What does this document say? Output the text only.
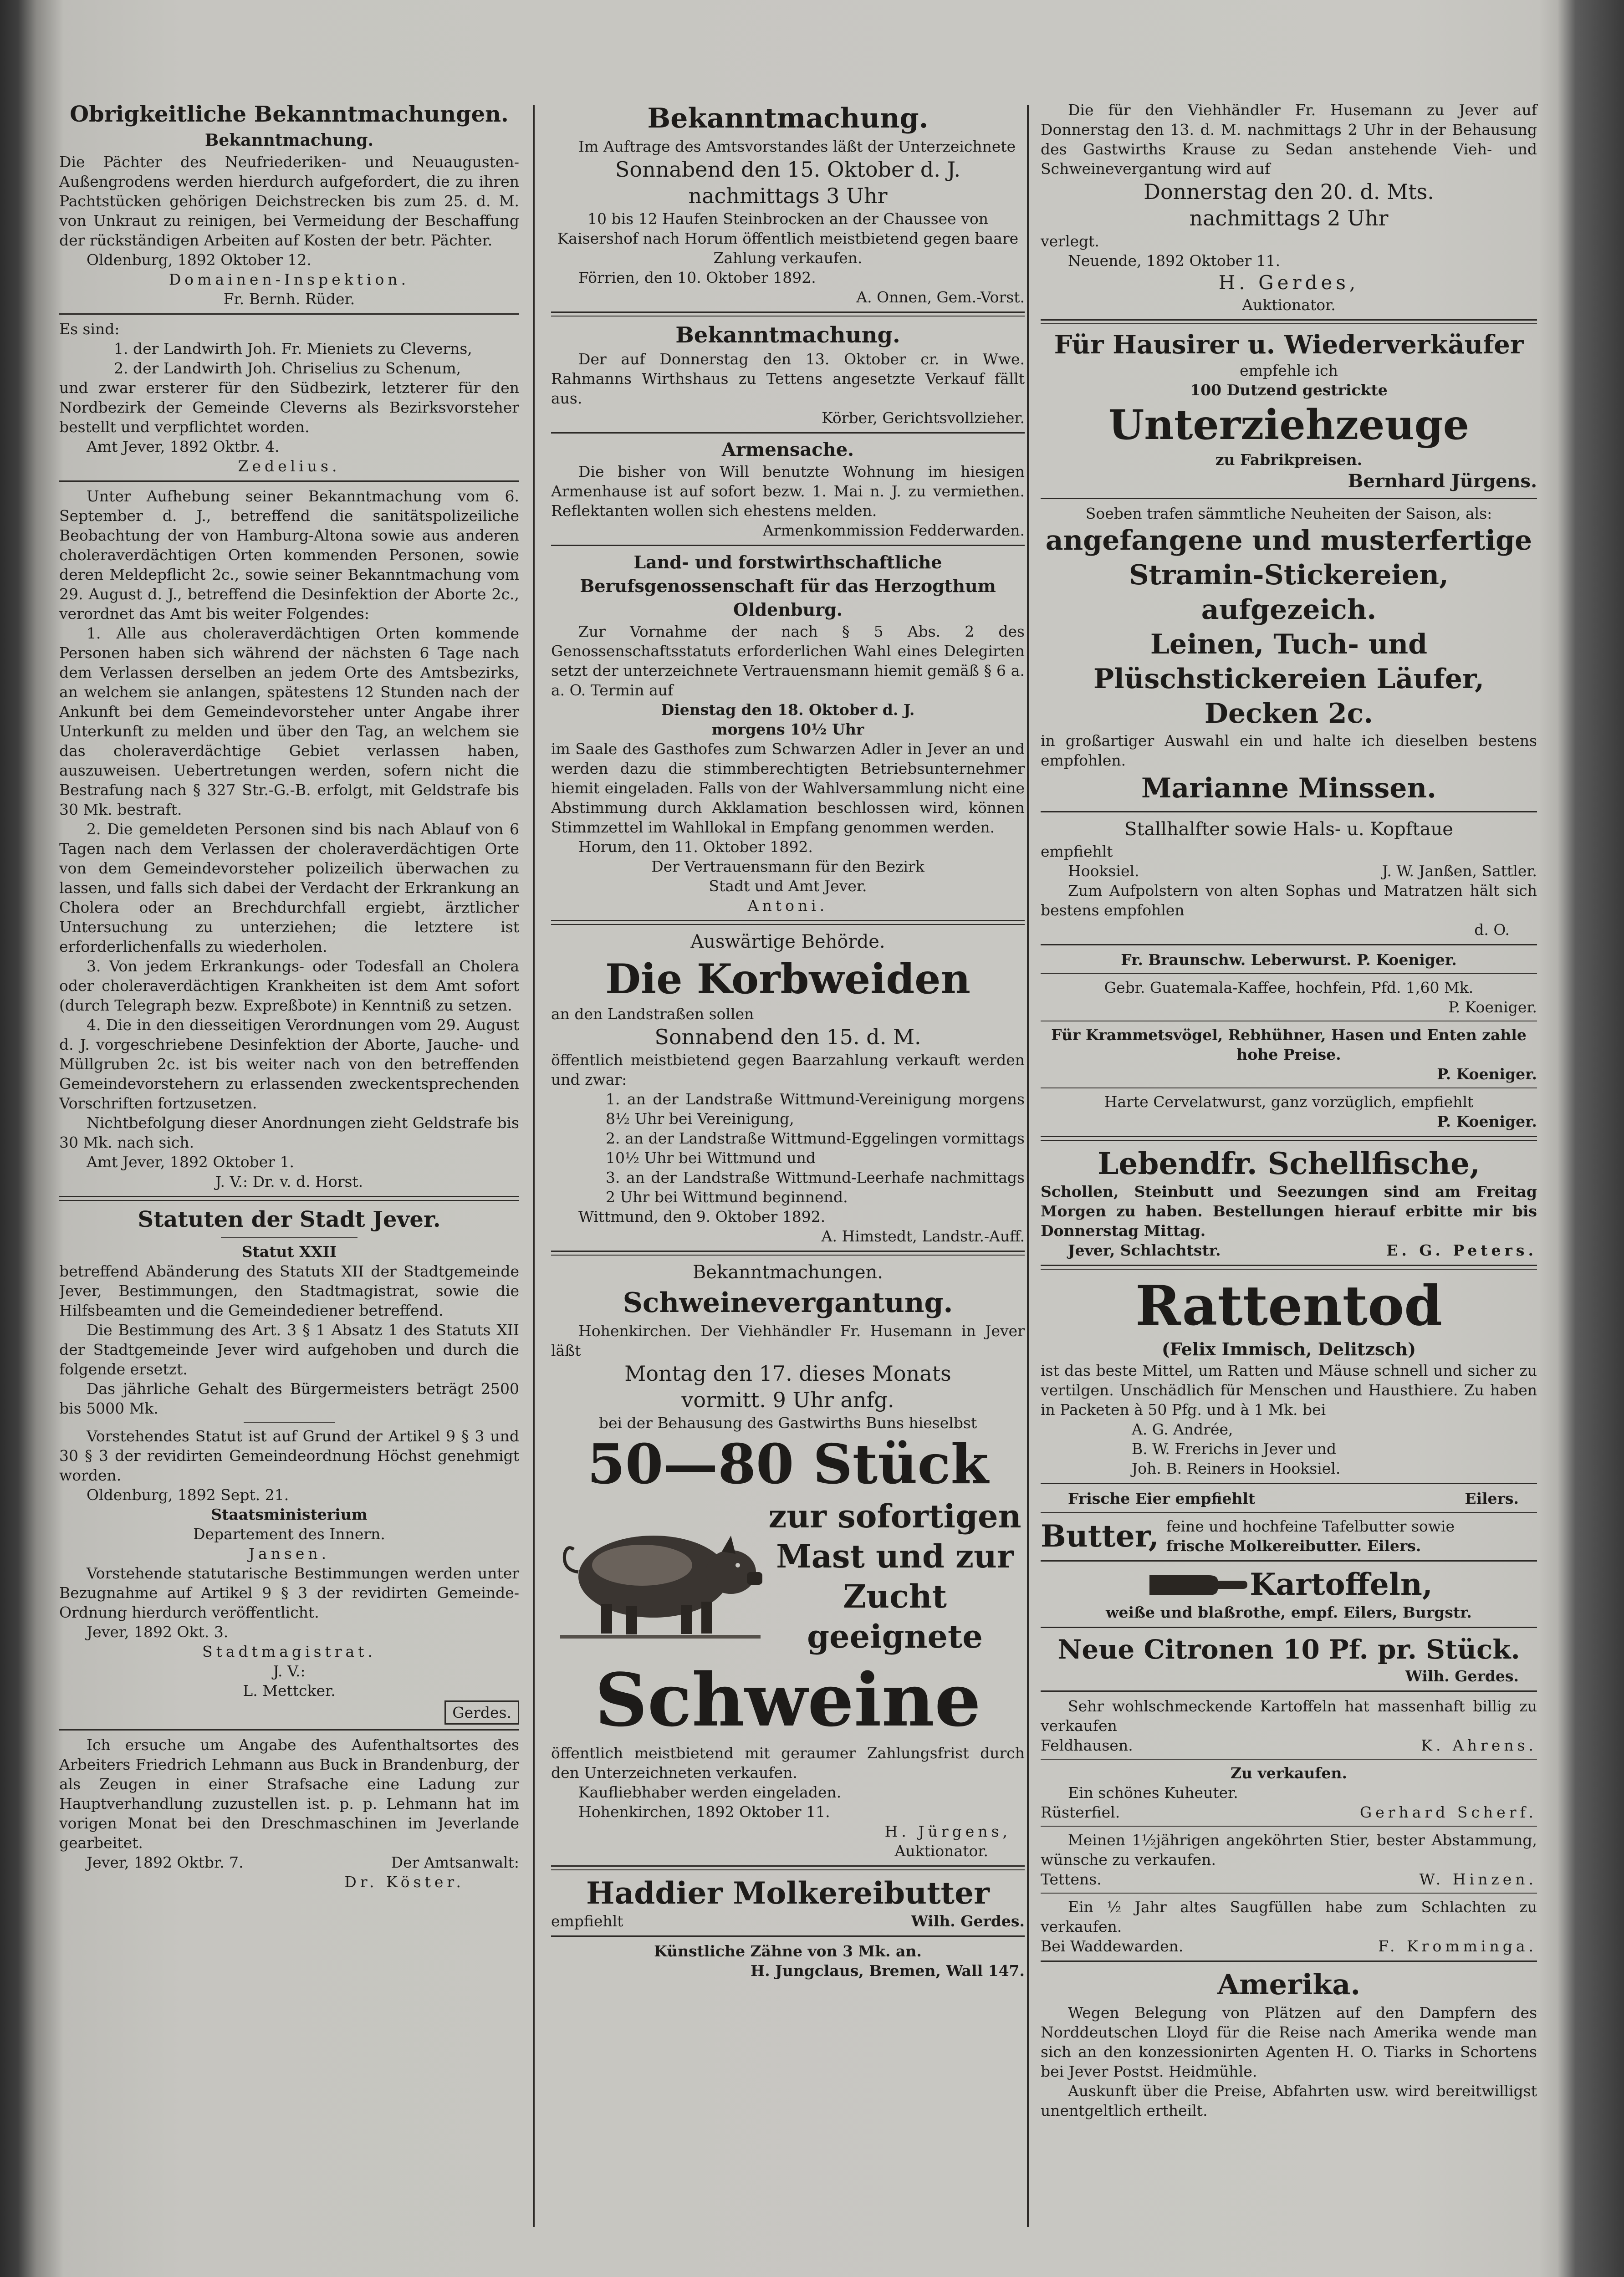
Obrigkeitliche Bekanntmachungen.

Bekanntmachung.

Die Pächter des Neufriederiken- und Neuaugusten-Außengrodens werden hierdurch aufgefordert, die zu ihren Pachtstücken gehörigen Deichstrecken bis zum 25. d. M. von Unkraut zu reinigen, bei Vermeidung der Beschaffung der rückständigen Arbeiten auf Kosten der betr. Pächter.

Oldenburg, 1892 Oktober 12.

Domainen-Inspektion.

Fr. Bernh. Rüder.

Es sind:

1. der Landwirth Joh. Fr. Mieniets zu Cleverns,

2. der Landwirth Joh. Chriselius zu Schenum,

und zwar ersterer für den Südbezirk, letzterer für den Nordbezirk der Gemeinde Cleverns als Bezirksvorsteher bestellt und verpflichtet worden.

Amt Jever, 1892 Oktbr. 4.

Zedelius.

Unter Aufhebung seiner Bekanntmachung vom 6. September d. J., betreffend die sanitätspolizeiliche Beobachtung der von Hamburg-Altona sowie aus anderen choleraverdächtigen Orten kommenden Personen, sowie deren Meldepflicht 2c., sowie seiner Bekanntmachung vom 29. August d. J., betreffend die Desinfektion der Aborte 2c., verordnet das Amt bis weiter Folgendes:

1. Alle aus choleraverdächtigen Orten kommende Personen haben sich während der nächsten 6 Tage nach dem Verlassen derselben an jedem Orte des Amtsbezirks, an welchem sie anlangen, spätestens 12 Stunden nach der Ankunft bei dem Gemeindevorsteher unter Angabe ihrer Unterkunft zu melden und über den Tag, an welchem sie das choleraverdächtige Gebiet verlassen haben, auszuweisen. Uebertretungen werden, sofern nicht die Bestrafung nach § 327 Str.-G.-B. erfolgt, mit Geldstrafe bis 30 Mk. bestraft.

2. Die gemeldeten Personen sind bis nach Ablauf von 6 Tagen nach dem Verlassen der choleraverdächtigen Orte von dem Gemeindevorsteher polizeilich überwachen zu lassen, und falls sich dabei der Verdacht der Erkrankung an Cholera oder an Brechdurchfall ergiebt, ärztlicher Untersuchung zu unterziehen; die letztere ist erforderlichenfalls zu wiederholen.

3. Von jedem Erkrankungs- oder Todesfall an Cholera oder choleraverdächtigen Krankheiten ist dem Amt sofort (durch Telegraph bezw. Expreßbote) in Kenntniß zu setzen.

4. Die in den diesseitigen Verordnungen vom 29. August d. J. vorgeschriebene Desinfektion der Aborte, Jauche- und Müllgruben 2c. ist bis weiter nach von den betreffenden Gemeindevorstehern zu erlassenden zweckentsprechenden Vorschriften fortzusetzen.

Nichtbefolgung dieser Anordnungen zieht Geldstrafe bis 30 Mk. nach sich.

Amt Jever, 1892 Oktober 1.

J. V.: Dr. v. d. Horst.

Statuten der Stadt Jever.

Statut XXII

betreffend Abänderung des Statuts XII der Stadtgemeinde Jever, Bestimmungen, den Stadtmagistrat, sowie die Hilfsbeamten und die Gemeindediener betreffend.

Die Bestimmung des Art. 3 § 1 Absatz 1 des Statuts XII der Stadtgemeinde Jever wird aufgehoben und durch die folgende ersetzt.

Das jährliche Gehalt des Bürgermeisters beträgt 2500 bis 5000 Mk.

Vorstehendes Statut ist auf Grund der Artikel 9 § 3 und 30 § 3 der revidirten Gemeindeordnung Höchst genehmigt worden.

Oldenburg, 1892 Sept. 21.

Staatsministerium

Departement des Innern.

Jansen.

Vorstehende statutarische Bestimmungen werden unter Bezugnahme auf Artikel 9 § 3 der revidirten Gemeinde-Ordnung hierdurch veröffentlicht.

Jever, 1892 Okt. 3.

Stadtmagistrat.

J. V.:

L. Mettcker.

Gerdes.

Ich ersuche um Angabe des Aufenthaltsortes des Arbeiters Friedrich Lehmann aus Buck in Brandenburg, der als Zeugen in einer Strafsache eine Ladung zur Hauptverhandlung zuzustellen ist. p. p. Lehmann hat im vorigen Monat bei den Dreschmaschinen im Jeverlande gearbeitet.

Jever, 1892 Oktbr. 7.	Der Amtsanwalt:

Dr. Köster.

Bekanntmachung.

Im Auftrage des Amtsvorstandes läßt der Unterzeichnete

Sonnabend den 15. Oktober d. J.

nachmittags 3 Uhr

10 bis 12 Haufen Steinbrocken an der Chaussee von Kaisershof nach Horum öffentlich meistbietend gegen baare Zahlung verkaufen.

Förrien, den 10. Oktober 1892.

A. Onnen, Gem.-Vorst.

Bekanntmachung.

Der auf Donnerstag den 13. Oktober cr. in Wwe. Rahmanns Wirthshaus zu Tettens angesetzte Verkauf fällt aus.

Körber, Gerichtsvollzieher.

Armensache.

Die bisher von Will benutzte Wohnung im hiesigen Armenhause ist auf sofort bezw. 1. Mai n. J. zu vermiethen. Reflektanten wollen sich ehestens melden.

Armenkommission Fedderwarden.

Land- und forstwirthschaftliche Berufsgenossenschaft für das Herzogthum Oldenburg.

Zur Vornahme der nach § 5 Abs. 2 des Genossenschaftsstatuts erforderlichen Wahl eines Delegirten setzt der unterzeichnete Vertrauensmann hiemit gemäß § 6 a. a. O. Termin auf

Dienstag den 18. Oktober d. J.

morgens 10½ Uhr

im Saale des Gasthofes zum Schwarzen Adler in Jever an und werden dazu die stimmberechtigten Betriebsunternehmer hiemit eingeladen. Falls von der Wahlversammlung nicht eine Abstimmung durch Akklamation beschlossen wird, können Stimmzettel im Wahllokal in Empfang genommen werden.

Horum, den 11. Oktober 1892.

Der Vertrauensmann für den Bezirk Stadt und Amt Jever.

Antoni.

Auswärtige Behörde.

Die Korbweiden

an den Landstraßen sollen

Sonnabend den 15. d. M.

öffentlich meistbietend gegen Baarzahlung verkauft werden und zwar:

1. an der Landstraße Wittmund-Vereinigung morgens 8½ Uhr bei Vereinigung,

2. an der Landstraße Wittmund-Eggelingen vormittags 10½ Uhr bei Wittmund und

3. an der Landstraße Wittmund-Leerhafe nachmittags 2 Uhr bei Wittmund beginnend.

Wittmund, den 9. Oktober 1892.

A. Himstedt, Landstr.-Auff.

Bekanntmachungen.

Schweinevergantung.

Hohenkirchen. Der Viehhändler Fr. Husemann in Jever läßt

Montag den 17. dieses Monats

vormitt. 9 Uhr anfg.

bei der Behausung des Gastwirths Buns hieselbst

50—80 Stück

zur sofortigen

Mast und zur

Zucht geeignete

Schweine

öffentlich meistbietend mit geraumer Zahlungsfrist durch den Unterzeichneten verkaufen.

Kaufliebhaber werden eingeladen.

Hohenkirchen, 1892 Oktober 11.

H. Jürgens,

Auktionator.

Haddier Molkereibutter

empfiehlt	Wilh. Gerdes.

Künstliche Zähne von 3 Mk. an.

H. Jungclaus, Bremen, Wall 147.

Die für den Viehhändler Fr. Husemann zu Jever auf Donnerstag den 13. d. M. nachmittags 2 Uhr in der Behausung des Gastwirths Krause zu Sedan anstehende Vieh- und Schweinevergantung wird auf

Donnerstag den 20. d. Mts.

nachmittags 2 Uhr

verlegt.

Neuende, 1892 Oktober 11.

H. Gerdes,

Auktionator.

Für Hausirer u. Wiederverkäufer

empfehle ich

100 Dutzend gestrickte

Unterziehzeuge

zu Fabrikpreisen.

Bernhard Jürgens.

Soeben trafen sämmtliche Neuheiten der Saison, als:

angefangene und musterfertige

Stramin-Stickereien, aufgezeich.

Leinen, Tuch- und Plüschstickereien Läufer, Decken 2c.

in großartiger Auswahl ein und halte ich dieselben bestens empfohlen.

Marianne Minssen.

Stallhalfter sowie Hals- u. Kopftaue

empfiehlt

Hooksiel.	J. W. Janßen, Sattler.

Zum Aufpolstern von alten Sophas und Matratzen hält sich bestens empfohlen

d. O.

Fr. Braunschw. Leberwurst. P. Koeniger.

Gebr. Guatemala-Kaffee, hochfein, Pfd. 1,60 Mk.

P. Koeniger.

Für Krammetsvögel, Rebhühner, Hasen und Enten zahle hohe Preise.

P. Koeniger.

Harte Cervelatwurst, ganz vorzüglich, empfiehlt

P. Koeniger.

Lebendfr. Schellfische,

Schollen, Steinbutt und Seezungen sind am Freitag Morgen zu haben. Bestellungen hierauf erbitte mir bis Donnerstag Mittag.

Jever, Schlachtstr.	E. G. Peters.

Rattentod

(Felix Immisch, Delitzsch)

ist das beste Mittel, um Ratten und Mäuse schnell und sicher zu vertilgen. Unschädlich für Menschen und Hausthiere. Zu haben in Packeten à 50 Pfg. und à 1 Mk. bei

A. G. Andrée,

B. W. Frerichs in Jever und

Joh. B. Reiners in Hooksiel.

Frische Eier empfiehlt	Eilers.

Butter, feine und hochfeine Tafelbutter sowie

frische Molkereibutter. Eilers.

Kartoffeln,

weiße und blaßrothe, empf. Eilers, Burgstr.

Neue Citronen 10 Pf. pr. Stück.

Wilh. Gerdes.

Sehr wohlschmeckende Kartoffeln hat massenhaft billig zu verkaufen

Feldhausen.	K. Ahrens.

Zu verkaufen.

Ein schönes Kuheuter.

Rüsterfiel.	Gerhard Scherf.

Meinen 1½jährigen angeköhrten Stier, bester Abstammung, wünsche zu verkaufen.

Tettens.	W. Hinzen.

Ein ½ Jahr altes Saugfüllen habe zum Schlachten zu verkaufen.

Bei Waddewarden.	F. Kromminga.

Amerika.

Wegen Belegung von Plätzen auf den Dampfern des Norddeutschen Lloyd für die Reise nach Amerika wende man sich an den konzessionirten Agenten H. O. Tiarks in Schortens bei Jever Postst. Heidmühle.

Auskunft über die Preise, Abfahrten usw. wird bereitwilligst unentgeltlich ertheilt.
